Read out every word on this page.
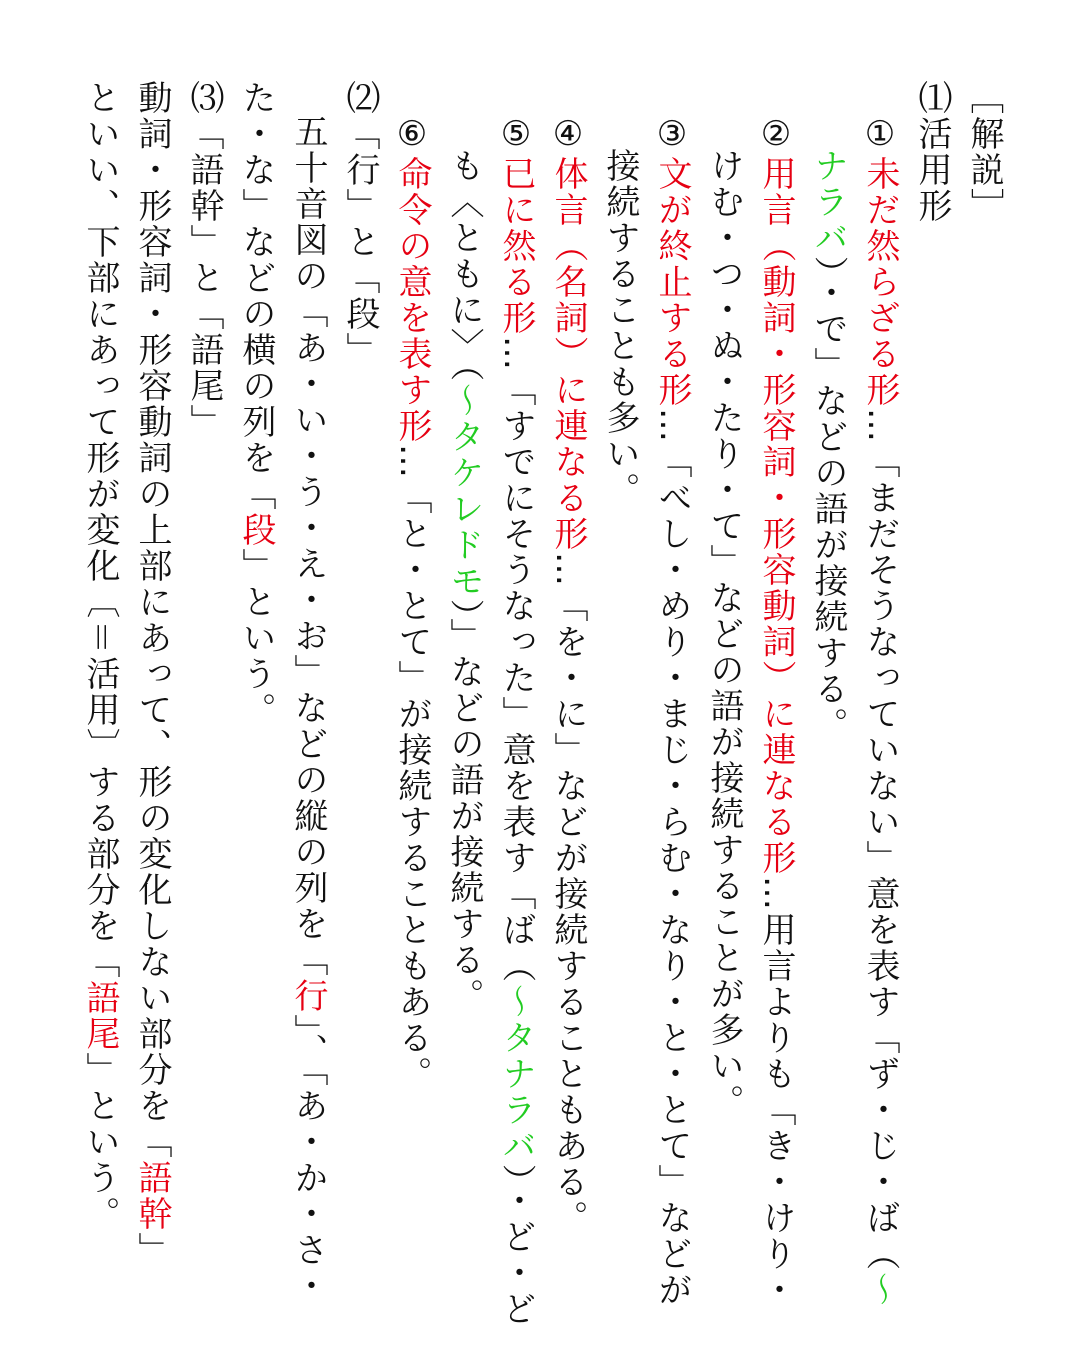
［解説］
⑴活用形
①未だ然らざる形…「まだそうなっていない」意を表す「ず・じ・ば（〜
ナラバ）・で」などの語が接続する。
②用言（動詞・形容詞・形容動詞）に連なる形…用言よりも「き・けり・
けむ・つ・ぬ・たり・て」などの語が接続することが多い。
③文が終止する形…「べし・めり・まじ・らむ・なり・と・とて」などが
接続することも多い。
④体言（名詞）に連なる形…「を・に」などが接続することもある。
⑤已に然る形…「すでにそうなった」意を表す「ば（〜タナラバ）・ど・ど
も〈ともに〉（〜タケレドモ）」などの語が接続する。
⑥命令の意を表す形…「と・とて」が接続することもある。
⑵「行」と「段」
五十音図の「あ・い・う・え・お」などの縦の列を「行」、「あ・か・さ・
た・な」などの横の列を「段」という。
⑶「語幹」と「語尾」
動詞・形容詞・形容動詞の上部にあって、形の変化しない部分を「語幹」
といい、下部にあって形が変化〔＝活用〕する部分を「語尾」という。
